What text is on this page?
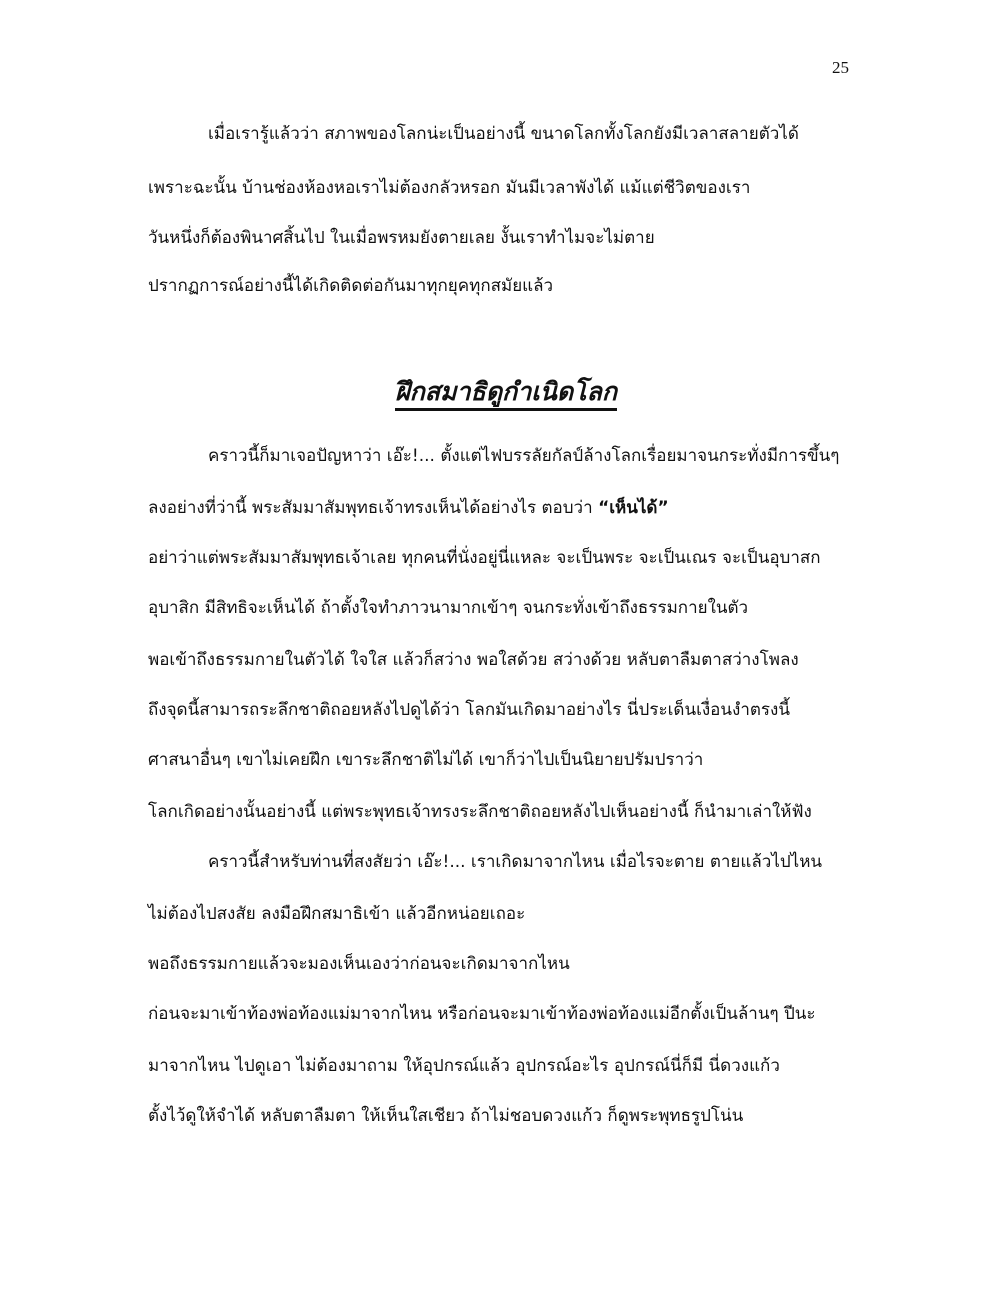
25
เมื่อเรารู้แล้วว่า สภาพของโลกน่ะเป็นอย่างนี้ ขนาดโลกทั้งโลกยังมีเวลาสลายตัวได้
เพราะฉะนั้น บ้านช่องห้องหอเราไม่ต้องกลัวหรอก มันมีเวลาพังได้ แม้แต่ชีวิตของเรา
วันหนึ่งก็ต้องพินาศสิ้นไป ในเมื่อพรหมยังตายเลย งั้นเราทำไมจะไม่ตาย
ปรากฏการณ์อย่างนี้ได้เกิดติดต่อกันมาทุกยุคทุกสมัยแล้ว
ฝึกสมาธิดูกำเนิดโลก
คราวนี้ก็มาเจอปัญหาว่า เอ๊ะ!... ตั้งแต่ไฟบรรลัยกัลป์ล้างโลกเรื่อยมาจนกระทั่งมีการขึ้นๆ
ลงอย่างที่ว่านี้ พระสัมมาสัมพุทธเจ้าทรงเห็นได้อย่างไร ตอบว่า “เห็นได้”
อย่าว่าแต่พระสัมมาสัมพุทธเจ้าเลย ทุกคนที่นั่งอยู่นี่แหละ จะเป็นพระ จะเป็นเณร จะเป็นอุบาสก
อุบาสิก มีสิทธิจะเห็นได้ ถ้าตั้งใจทำภาวนามากเข้าๆ จนกระทั่งเข้าถึงธรรมกายในตัว
พอเข้าถึงธรรมกายในตัวได้ ใจใส แล้วก็สว่าง พอใสด้วย สว่างด้วย หลับตาลืมตาสว่างโพลง
ถึงจุดนี้สามารถระลึกชาติถอยหลังไปดูได้ว่า โลกมันเกิดมาอย่างไร นี่ประเด็นเงื่อนงำตรงนี้
ศาสนาอื่นๆ เขาไม่เคยฝึก เขาระลึกชาติไม่ได้ เขาก็ว่าไปเป็นนิยายปรัมปราว่า
โลกเกิดอย่างนั้นอย่างนี้ แต่พระพุทธเจ้าทรงระลึกชาติถอยหลังไปเห็นอย่างนี้ ก็นำมาเล่าให้ฟัง
คราวนี้สำหรับท่านที่สงสัยว่า เอ๊ะ!... เราเกิดมาจากไหน เมื่อไรจะตาย ตายแล้วไปไหน
ไม่ต้องไปสงสัย ลงมือฝึกสมาธิเข้า แล้วอีกหน่อยเถอะ
พอถึงธรรมกายแล้วจะมองเห็นเองว่าก่อนจะเกิดมาจากไหน
ก่อนจะมาเข้าท้องพ่อท้องแม่มาจากไหน หรือก่อนจะมาเข้าท้องพ่อท้องแม่อีกตั้งเป็นล้านๆ ปีนะ
มาจากไหน ไปดูเอา ไม่ต้องมาถาม ให้อุปกรณ์แล้ว อุปกรณ์อะไร อุปกรณ์นี่ก็มี นี่ดวงแก้ว
ตั้งไว้ดูให้จำได้ หลับตาลืมตา ให้เห็นใสเชียว ถ้าไม่ชอบดวงแก้ว ก็ดูพระพุทธรูปโน่น
